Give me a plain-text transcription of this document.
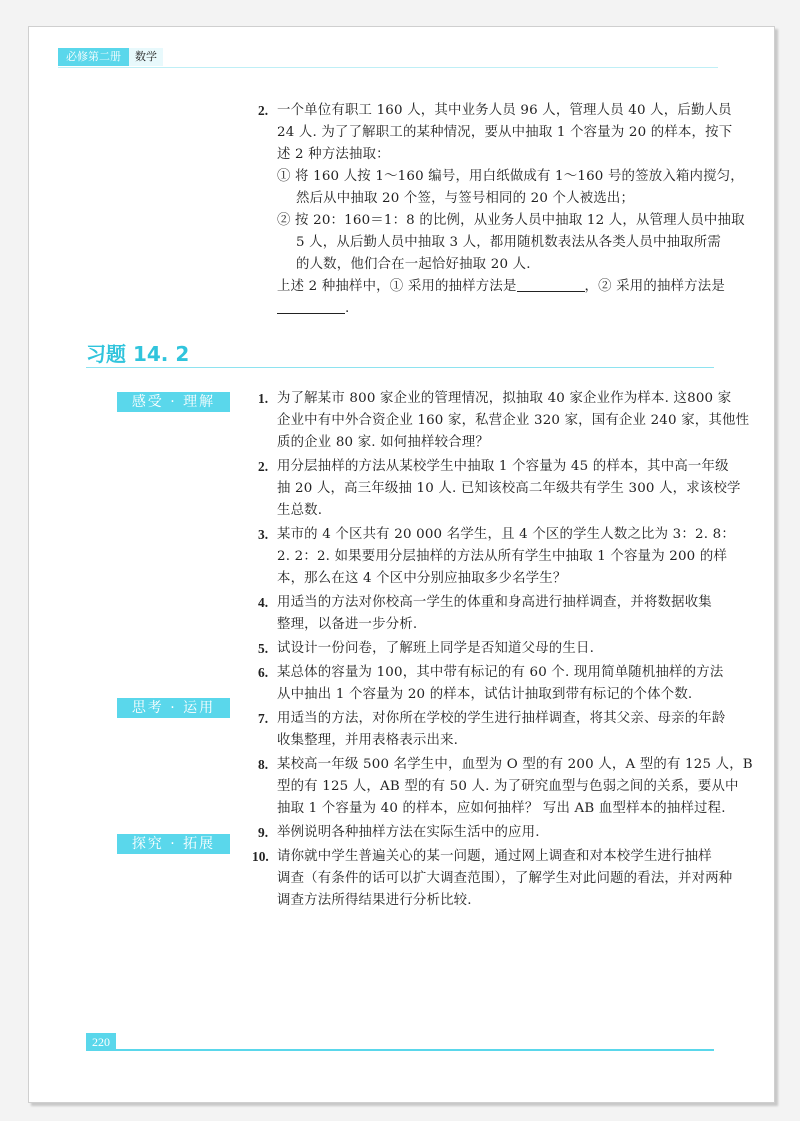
必修第二册	数学
2. 一个单位有职工 160 人，其中业务人员 96 人，管理人员 40 人，后勤人员
24 人. 为了了解职工的某种情况，要从中抽取 1 个容量为 20 的样本，按下
述 2 种方法抽取：
① 将 160 人按 1～160 编号，用白纸做成有 1～160 号的签放入箱内搅匀，
然后从中抽取 20 个签，与签号相同的 20 个人被选出；
② 按 20：160＝1：8 的比例，从业务人员中抽取 12 人，从管理人员中抽取
5 人，从后勤人员中抽取 3 人，都用随机数表法从各类人员中抽取所需
的人数，他们合在一起恰好抽取 20 人.
上述 2 种抽样中，① 采用的抽样方法是	，② 采用的抽样方法是
.
习题 14. 2
感受 · 理解
思考 · 运用
探究 · 拓展
1. 为了解某市 800 家企业的管理情况，拟抽取 40 家企业作为样本. 这800 家
企业中有中外合资企业 160 家，私营企业 320 家，国有企业 240 家，其他性
质的企业 80 家. 如何抽样较合理？
2. 用分层抽样的方法从某校学生中抽取 1 个容量为 45 的样本，其中高一年级
抽 20 人，高三年级抽 10 人. 已知该校高二年级共有学生 300 人，求该校学
生总数.
3. 某市的 4 个区共有 20 000 名学生，且 4 个区的学生人数之比为 3：2. 8：
2. 2：2. 如果要用分层抽样的方法从所有学生中抽取 1 个容量为 200 的样
本，那么在这 4 个区中分别应抽取多少名学生？
4. 用适当的方法对你校高一学生的体重和身高进行抽样调查，并将数据收集
整理，以备进一步分析.
5. 试设计一份问卷，了解班上同学是否知道父母的生日.
6. 某总体的容量为 100，其中带有标记的有 60 个. 现用简单随机抽样的方法
从中抽出 1 个容量为 20 的样本，试估计抽取到带有标记的个体个数.
7. 用适当的方法，对你所在学校的学生进行抽样调查，将其父亲、母亲的年龄
收集整理，并用表格表示出来.
8. 某校高一年级 500 名学生中，血型为 O 型的有 200 人，A 型的有 125 人，B
型的有 125 人，AB 型的有 50 人. 为了研究血型与色弱之间的关系，要从中
抽取 1 个容量为 40 的样本，应如何抽样？ 写出 AB 血型样本的抽样过程.
9. 举例说明各种抽样方法在实际生活中的应用.
10. 请你就中学生普遍关心的某一问题，通过网上调查和对本校学生进行抽样
调查（有条件的话可以扩大调查范围），了解学生对此问题的看法，并对两种
调查方法所得结果进行分析比较.
220
